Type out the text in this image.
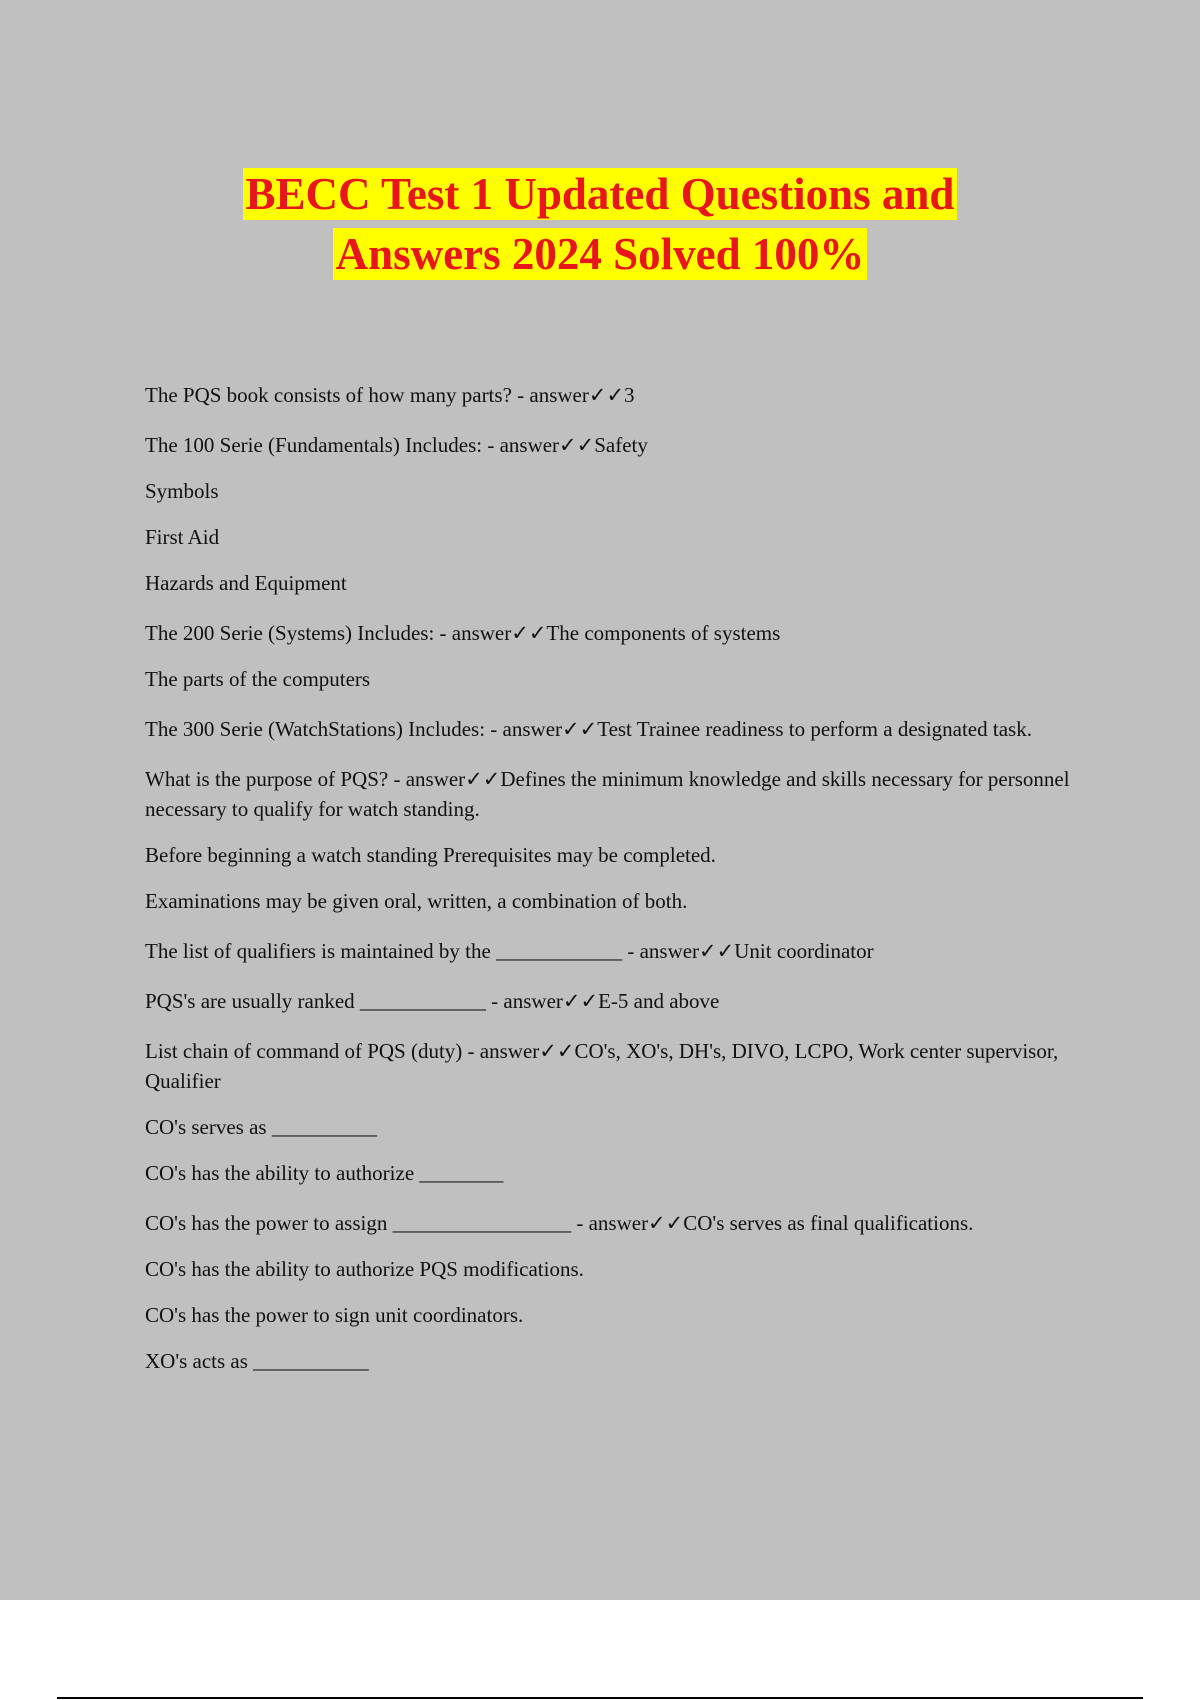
BECC Test 1 Updated Questions and
Answers 2024 Solved 100%

The PQS book consists of how many parts? - answer✓✓3

The 100 Serie (Fundamentals) Includes: - answer✓✓Safety

Symbols

First Aid

Hazards and Equipment

The 200 Serie (Systems) Includes: - answer✓✓The components of systems

The parts of the computers

The 300 Serie (WatchStations) Includes: - answer✓✓Test Trainee readiness to perform a designated task.

What is the purpose of PQS? - answer✓✓Defines the minimum knowledge and skills necessary for personnel necessary to qualify for watch standing.

Before beginning a watch standing Prerequisites may be completed.

Examinations may be given oral, written, a combination of both.

The list of qualifiers is maintained by the ____________ - answer✓✓Unit coordinator

PQS's are usually ranked ____________ - answer✓✓E-5 and above

List chain of command of PQS (duty) - answer✓✓CO's, XO's, DH's, DIVO, LCPO, Work center supervisor, Qualifier

CO's serves as __________

CO's has the ability to authorize ________

CO's has the power to assign _________________ - answer✓✓CO's serves as final qualifications.

CO's has the ability to authorize PQS modifications.

CO's has the power to sign unit coordinators.

XO's acts as ___________
